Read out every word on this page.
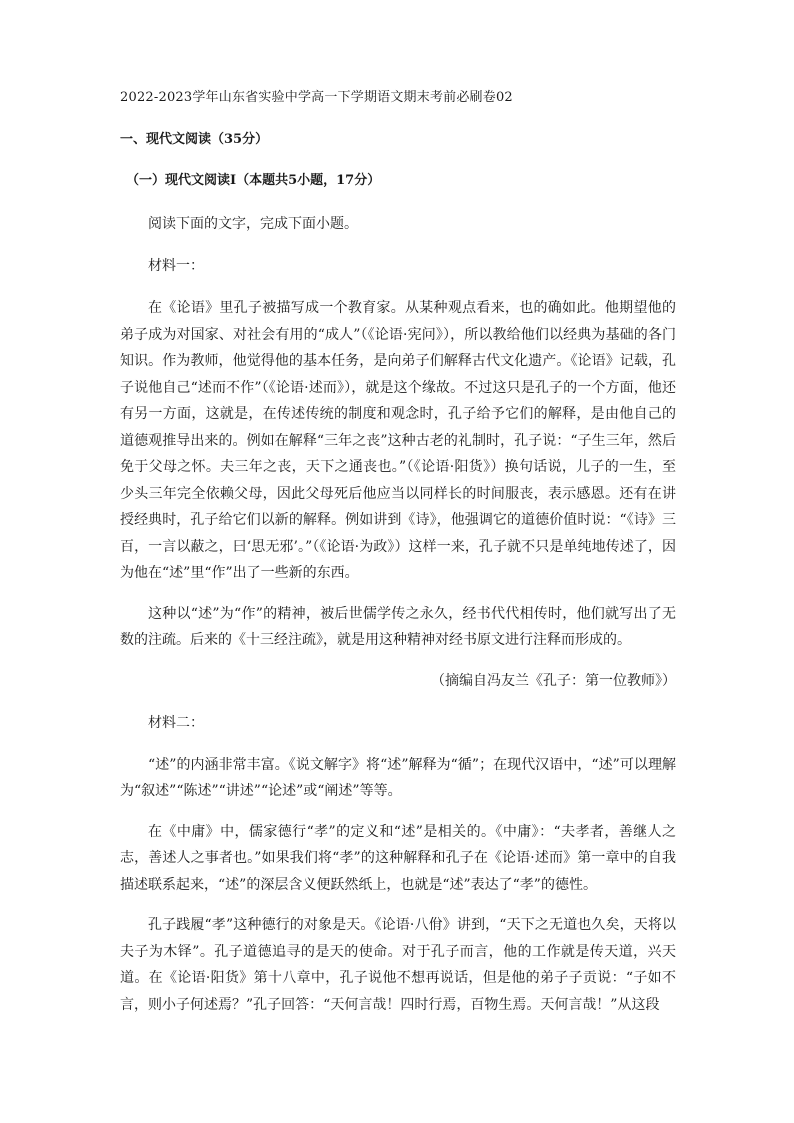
2022-2023学年山东省实验中学高一下学期语文期末考前必刷卷02
一、现代文阅读（35分）
（一）现代文阅读Ⅰ（本题共5小题，17分）

阅读下面的文字，完成下面小题。

材料一：

在《论语》里孔子被描写成一个教育家。从某种观点看来，也的确如此。他期望他的弟子成为对国家、对社会有用的“成人”（《论语·宪问》），所以教给他们以经典为基础的各门知识。作为教师，他觉得他的基本任务，是向弟子们解释古代文化遗产。《论语》记载，孔子说他自己“述而不作”（《论语·述而》），就是这个缘故。不过这只是孔子的一个方面，他还有另一方面，这就是，在传述传统的制度和观念时，孔子给予它们的解释，是由他自己的道德观推导出来的。例如在解释“三年之丧”这种古老的礼制时，孔子说：“子生三年，然后免于父母之怀。夫三年之丧，天下之通丧也。”（《论语·阳货》）换句话说，儿子的一生，至少头三年完全依赖父母，因此父母死后他应当以同样长的时间服丧，表示感恩。还有在讲授经典时，孔子给它们以新的解释。例如讲到《诗》，他强调它的道德价值时说：“《诗》三百，一言以蔽之，曰‘思无邪’。”（《论语·为政》）这样一来，孔子就不只是单纯地传述了，因为他在“述”里“作”出了一些新的东西。

这种以“述”为“作”的精神，被后世儒学传之永久，经书代代相传时，他们就写出了无数的注疏。后来的《十三经注疏》，就是用这种精神对经书原文进行注释而形成的。

（摘编自冯友兰《孔子：第一位教师》）

材料二：

“述”的内涵非常丰富。《说文解字》将“述”解释为“循”；在现代汉语中，“述”可以理解为“叙述”“陈述”“讲述”“论述”或“阐述”等等。

在《中庸》中，儒家德行“孝”的定义和“述”是相关的。《中庸》：“夫孝者，善继人之志，善述人之事者也。”如果我们将“孝”的这种解释和孔子在《论语·述而》第一章中的自我描述联系起来，“述”的深层含义便跃然纸上，也就是“述”表达了“孝”的德性。

孔子践履“孝”这种德行的对象是天。《论语·八佾》讲到，“天下之无道也久矣，天将以夫子为木铎”。孔子道德追寻的是天的使命。对于孔子而言，他的工作就是传天道，兴天道。在《论语·阳货》第十八章中，孔子说他不想再说话，但是他的弟子子贡说：“子如不言，则小子何述焉？”孔子回答：“天何言哉！四时行焉，百物生焉。天何言哉！”从这段
